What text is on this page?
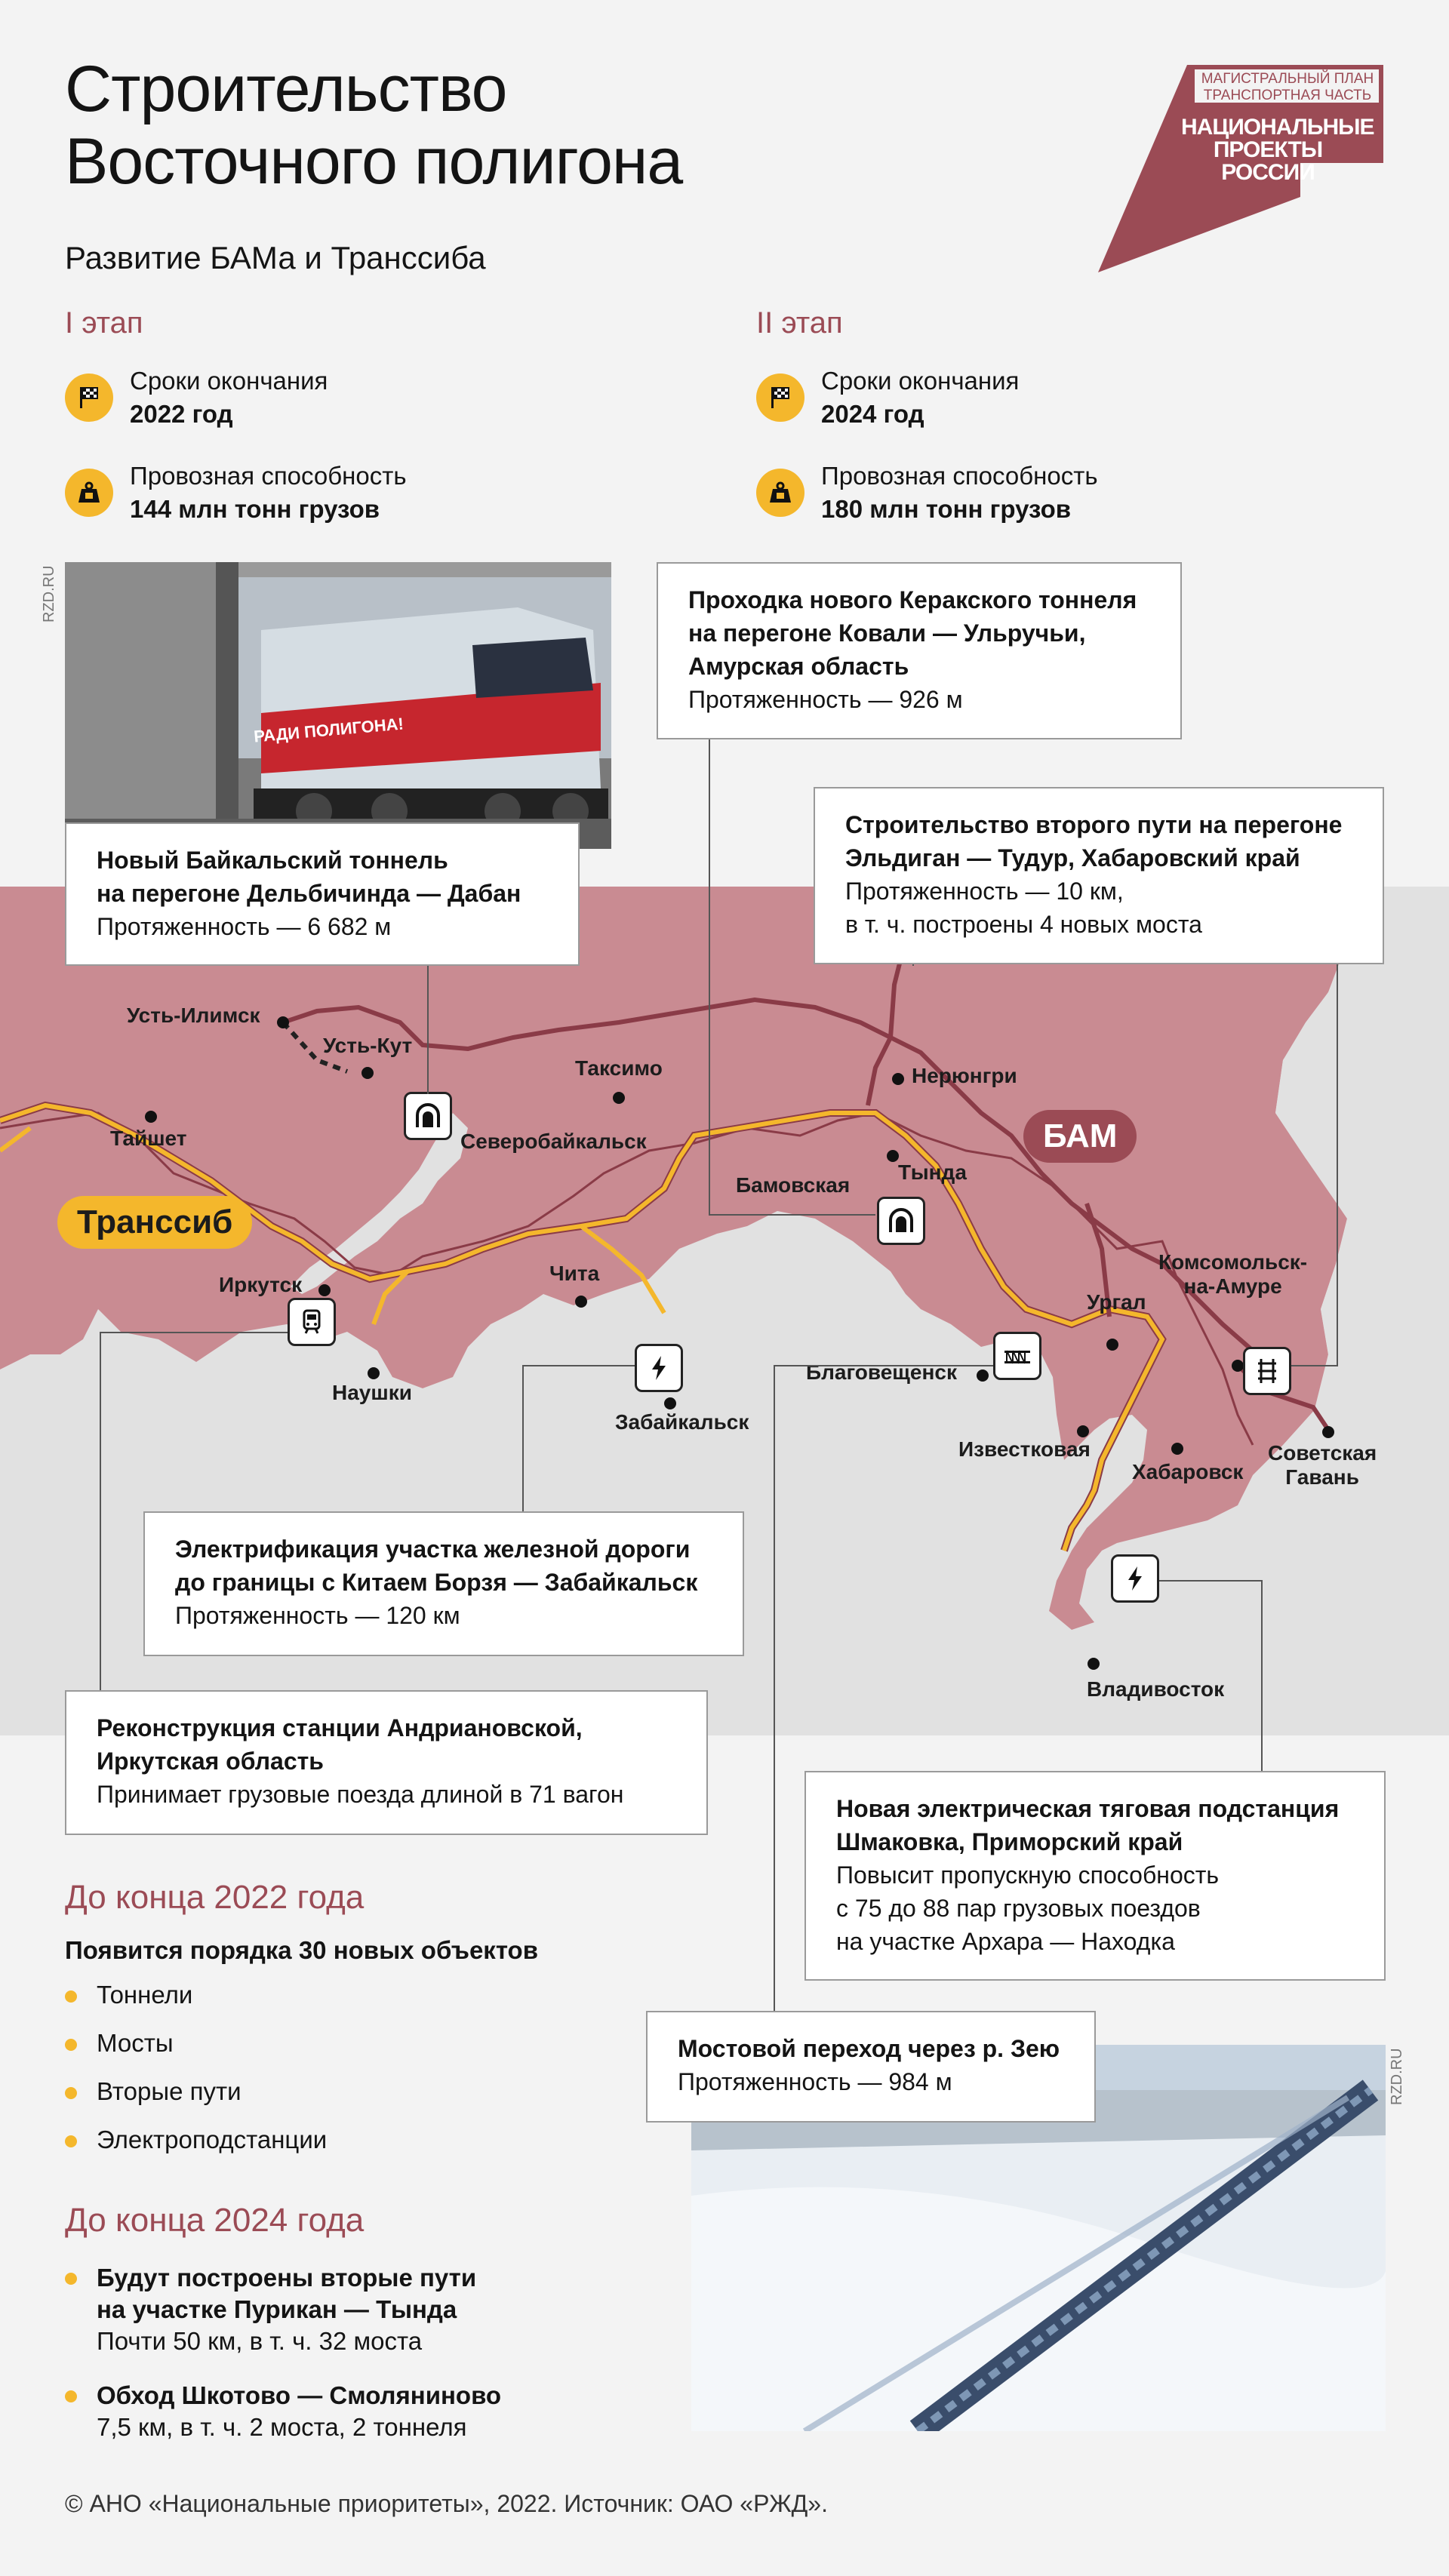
Строительство
Восточного полигона
Развитие БАМа и Транссиба
МАГИСТРАЛЬНЫЙ ПЛАН
ТРАНСПОРТНАЯ ЧАСТЬ
НАЦИОНАЛЬНЫЕ
ПРОЕКТЫ
РОССИИ
I этап
Сроки окончания
2022 год
Провозная способность
144 млн тонн грузов
II этап
Сроки окончания
2024 год
Провозная способность
180 млн тонн грузов
Транссиб
БАМ
Усть-Илимск
Усть-Кут
Таксимо	Нерюнгри
Тайшет	Северобайкальск
Бамовская
Тында
Иркутск	Чита
Наушки
Забайкальск
Благовещенск
Ургал
Комсомольск-
на-Амуре
Известковая
Хабаровск
Советская
Гавань
Владивосток
РАДИ ПОЛИГОНА!
RZD.RU
Новый Байкальский тоннель
на перегоне Дельбичинда — Дабан
Протяженность — 6 682 м
Проходка нового Керакского тоннеля
на перегоне Ковали — Ульручьи,
Амурская область
Протяженность — 926 м
Строительство второго пути на перегоне
Эльдиган — Тудур, Хабаровский край
Протяженность — 10 км,
в т. ч. построены 4 новых моста
Электрификация участка железной дороги
до границы с Китаем Борзя — Забайкальск
Протяженность — 120 км
Реконструкция станции Андриановской,
Иркутская область
Принимает грузовые поезда длиной в 71 вагон
Новая электрическая тяговая подстанция
Шмаковка, Приморский край
Повысит пропускную способность
с 75 до 88 пар грузовых поездов
на участке Архара — Находка
RZD.RU
Мостовой переход через р. Зею
Протяженность — 984 м
До конца 2022 года
Появится порядка 30 новых объектов
Тоннели
Мосты
Вторые пути
Электроподстанции
До конца 2024 года
Будут построены вторые пути
на участке Пурикан — Тында
Почти 50 км, в т. ч. 32 моста
Обход Шкотово — Смоляниново
7,5 км, в т. ч. 2 моста, 2 тоннеля
© АНО «Национальные приоритеты», 2022. Источник: ОАО «РЖД».
